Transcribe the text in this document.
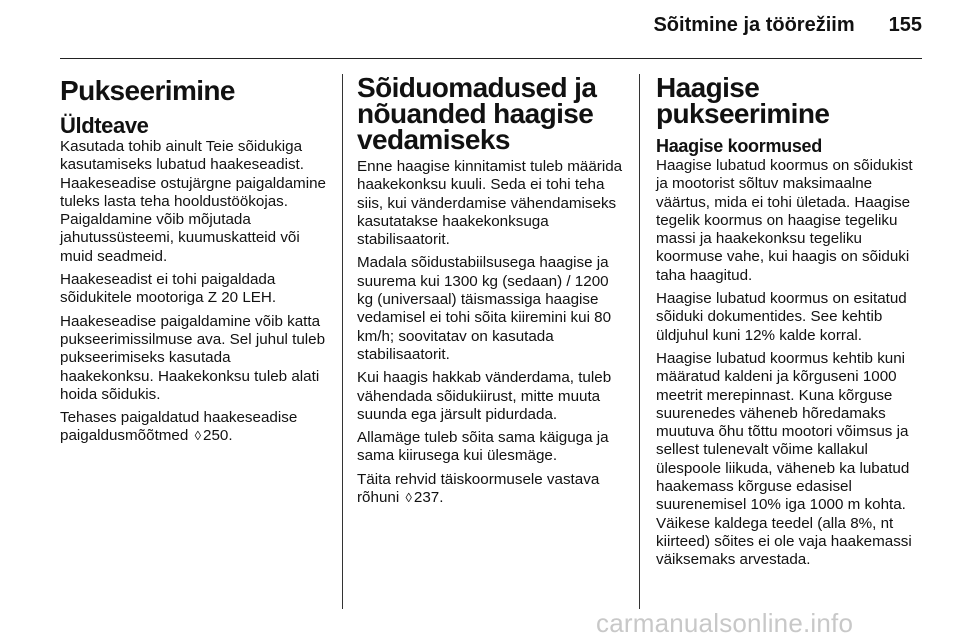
Sõitmine ja töörežiim 155
Pukseerimine
Üldteave

Kasutada tohib ainult Teie sõidukiga kasutamiseks lubatud haakeseadist. Haakeseadise ostujärgne paigaldamine tuleks lasta teha hooldustöökojas. Paigaldamine võib mõjutada jahutussüsteemi, kuumuskatteid või muid seadmeid.

Haakeseadist ei tohi paigaldada sõidukitele mootoriga Z 20 LEH.

Haakeseadise paigaldamine võib katta pukseerimissilmuse ava. Sel juhul tuleb pukseerimiseks kasutada haakekonksu. Haakekonksu tuleb alati hoida sõidukis.

Tehases paigaldatud haakeseadise paigaldusmõõtmed ◊ 250.

Sõiduomadused ja nõuanded haagise vedamiseks

Enne haagise kinnitamist tuleb määrida haakekonksu kuuli. Seda ei tohi teha siis, kui vänderdamise vähendamiseks kasutatakse haakekonksuga stabilisaatorit.

Madala sõidustabiilsusega haagise ja suurema kui 1300 kg (sedaan) / 1200 kg (universaal) täismassiga haagise vedamisel ei tohi sõita kiiremini kui 80 km/h; soovitatav on kasutada stabilisaatorit.

Kui haagis hakkab vänderdama, tuleb vähendada sõidukiirust, mitte muuta suunda ega järsult pidurdada.

Allamäge tuleb sõita sama käiguga ja sama kiirusega kui ülesmäge.

Täita rehvid täiskoormusele vastava rõhuni ◊ 237.

Haagise pukseerimine
Haagise koormused

Haagise lubatud koormus on sõidukist ja mootorist sõltuv maksimaalne väärtus, mida ei tohi ületada. Haagise tegelik koormus on haagise tegeliku massi ja haakekonksu tegeliku koormuse vahe, kui haagis on sõiduki taha haagitud.

Haagise lubatud koormus on esitatud sõiduki dokumentides. See kehtib üldjuhul kuni 12% kalde korral.

Haagise lubatud koormus kehtib kuni määratud kaldeni ja kõrguseni 1000 meetrit merepinnast. Kuna kõrguse suurenedes väheneb hõredamaks muutuva õhu tõttu mootori võimsus ja sellest tulenevalt võime kallakul ülespoole liikuda, väheneb ka lubatud haakemass kõrguse edasisel suurenemisel 10% iga 1000 m kohta. Väikese kaldega teedel (alla 8%, nt kiirteed) sõites ei ole vaja haakemassi väiksemaks arvestada.

carmanualsonline.info
